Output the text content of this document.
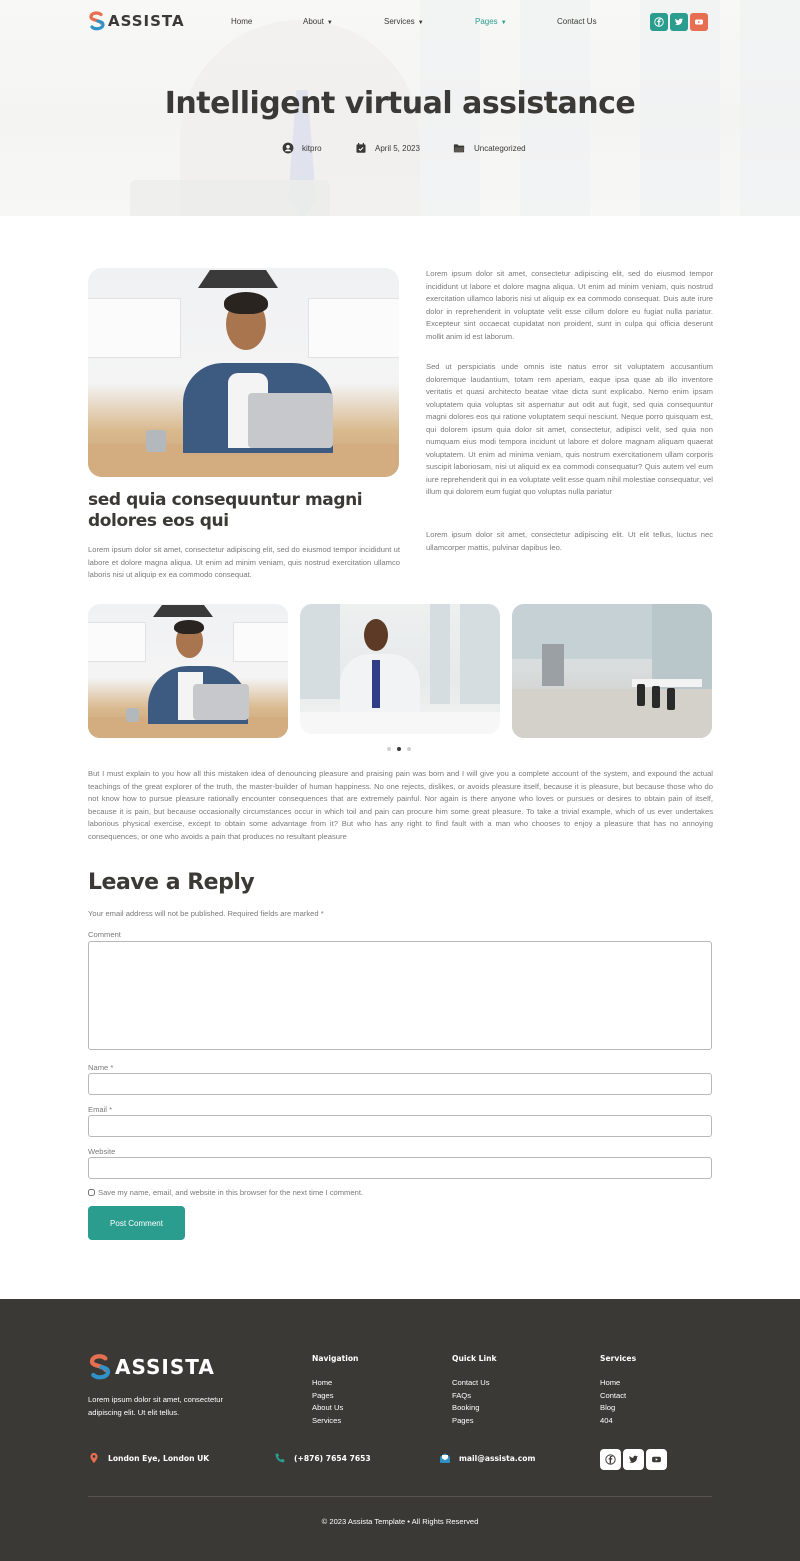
ASSISTA	Home	About ▼	Services ▼	Pages ▼	Contact Us
Intelligent virtual assistance
kitpro	April 5, 2023	Uncategorized
sed quia consequuntur magni dolores eos qui

Lorem ipsum dolor sit amet, consectetur adipiscing elit, sed do eiusmod tempor incididunt ut labore et dolore magna aliqua. Ut enim ad minim veniam, quis nostrud exercitation ullamco laboris nisi ut aliquip ex ea commodo consequat.

Lorem ipsum dolor sit amet, consectetur adipiscing elit, sed do eiusmod tempor incididunt ut labore et dolore magna aliqua. Ut enim ad minim veniam, quis nostrud exercitation ullamco laboris nisi ut aliquip ex ea commodo consequat. Duis aute irure dolor in reprehenderit in voluptate velit esse cillum dolore eu fugiat nulla pariatur. Excepteur sint occaecat cupidatat non proident, sunt in culpa qui officia deserunt mollit anim id est laborum.

Sed ut perspiciatis unde omnis iste natus error sit voluptatem accusantium doloremque laudantium, totam rem aperiam, eaque ipsa quae ab illo inventore veritatis et quasi architecto beatae vitae dicta sunt explicabo. Nemo enim ipsam voluptatem quia voluptas sit aspernatur aut odit aut fugit, sed quia consequuntur magni dolores eos qui ratione voluptatem sequi nesciunt. Neque porro quisquam est, qui dolorem ipsum quia dolor sit amet, consectetur, adipisci velit, sed quia non numquam eius modi tempora incidunt ut labore et dolore magnam aliquam quaerat voluptatem. Ut enim ad minima veniam, quis nostrum exercitationem ullam corporis suscipit laboriosam, nisi ut aliquid ex ea commodi consequatur? Quis autem vel eum iure reprehenderit qui in ea voluptate velit esse quam nihil molestiae consequatur, vel illum qui dolorem eum fugiat quo voluptas nulla pariatur

Lorem ipsum dolor sit amet, consectetur adipiscing elit. Ut elit tellus, luctus nec ullamcorper mattis, pulvinar dapibus leo.

But I must explain to you how all this mistaken idea of denouncing pleasure and praising pain was born and I will give you a complete account of the system, and expound the actual teachings of the great explorer of the truth, the master-builder of human happiness. No one rejects, dislikes, or avoids pleasure itself, because it is pleasure, but because those who do not know how to pursue pleasure rationally encounter consequences that are extremely painful. Nor again is there anyone who loves or pursues or desires to obtain pain of itself, because it is pain, but because occasionally circumstances occur in which toil and pain can procure him some great pleasure. To take a trivial example, which of us ever undertakes laborious physical exercise, except to obtain some advantage from it? But who has any right to find fault with a man who chooses to enjoy a pleasure that has no annoying consequences, or one who avoids a pain that produces no resultant pleasure

Leave a Reply
Your email address will not be published. Required fields are marked *
Comment
Name *
Email *
Website
Save my name, email, and website in this browser for the next time I comment.
Post Comment
ASSISTA

Lorem ipsum dolor sit amet, consectetur adipiscing elit. Ut elit tellus.

Navigation
Home
Pages
About Us
Services
Quick Link
Contact Us
FAQs
Booking
Pages
Services
Home
Contact
Blog
404
London Eye, London UK	(+876) 7654 7653	mail@assista.com
© 2023 Assista Template • All Rights Reserved
